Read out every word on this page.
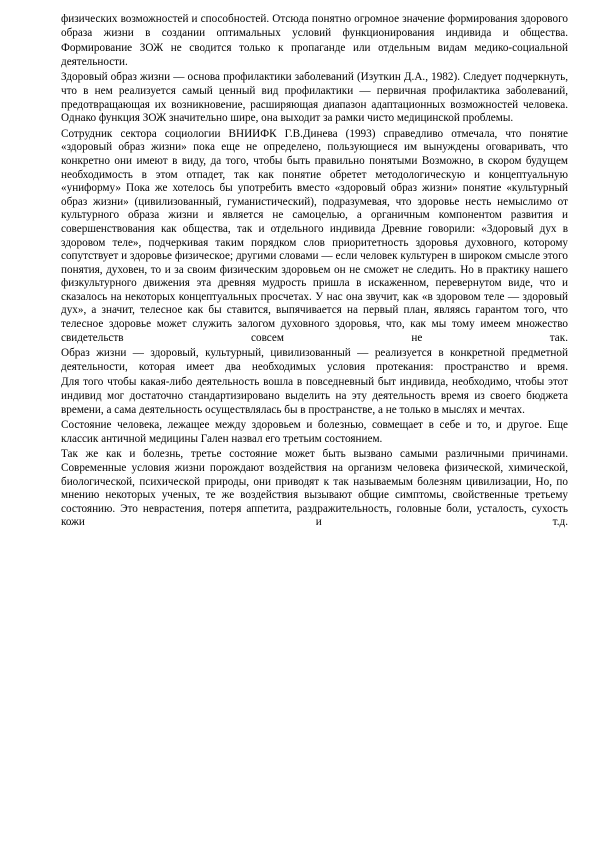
физических возможностей и способностей. Отсюда понятно огромное значение формирования здорового образа жизни в создании оптимальных условий функционирования индивида и общества.

Формирование ЗОЖ не сводится только к пропаганде или отдельным видам медико-социальной деятельности.

Здоровый образ жизни — основа профилактики заболеваний (Изуткин Д.А., 1982). Следует подчеркнуть, что в нем реализуется самый ценный вид профилактики — первичная профилактика заболеваний, предотвращающая их возникновение, расширяющая диапазон адаптационных возможностей человека. Однако функция ЗОЖ значительно шире, она выходит за рамки чисто медицинской проблемы.

Сотрудник сектора социологии ВНИИФК Г.В.Динева (1993) справедливо отмечала, что понятие «здоровый образ жизни» пока еще не определено, пользующиеся им вынуждены оговаривать, что конкретно они имеют в виду, да того, чтобы быть правильно понятыми Возможно, в скором будущем необходимость в этом отпадет, так как понятие обретет методологическую и концептуальную «униформу» Пока же хотелось бы употребить вместо «здоровый образ жизни» понятие «культурный образ жизни» (цивилизованный, гуманистический), подразумевая, что здоровье несть немыслимо от культурного образа жизни и является не самоцелью, а органичным компонентом развития и совершенствования как общества, так и отдельного индивида Древние говорили: «Здоровый дух в здоровом теле», подчеркивая таким порядком слов приоритетность здоровья духовного, которому сопутствует и здоровье физическое; другими словами — если человек культурен в широком смысле этого понятия, духовен, то и за своим физическим здоровьем он не сможет не следить. Но в практику нашего физкультурного движения эта древняя мудрость пришла в искаженном, перевернутом виде, что и сказалось на некоторых концептуальных просчетах. У нас она звучит, как «в здоровом теле — здоровый дух», а значит, телесное как бы ставится, выпячивается на первый план, являясь гарантом того, что телесное здоровье может служить залогом духовного здоровья, что, как мы тому имеем множество свидетельств совсем не так.

Образ жизни — здоровый, культурный, цивилизованный — реализуется в конкретной предметной деятельности, которая имеет два необходимых условия протекания: пространство и время.

Для того чтобы какая-либо деятельность вошла в повседневный быт индивида, необходимо, чтобы этот индивид мог достаточно стандартизировано выделить на эту деятельность время из своего бюджета времени, а сама деятельность осуществлялась бы в пространстве, а не только в мыслях и мечтах.

Состояние человека, лежащее между здоровьем и болезнью, совмещает в себе и то, и другое. Еще классик античной медицины Гален назвал его третьим состоянием.

Так же как и болезнь, третье состояние может быть вызвано самыми различными причинами. Современные условия жизни порождают воздействия на организм человека физической, химической, биологической, психической природы, они приводят к так называемым болезням цивилизации, Но, по мнению некоторых ученых, те же воздействия вызывают общие симптомы, свойственные третьему состоянию. Это неврастения, потеря аппетита, раздражительность, головные боли, усталость, сухость кожи и т.д.
